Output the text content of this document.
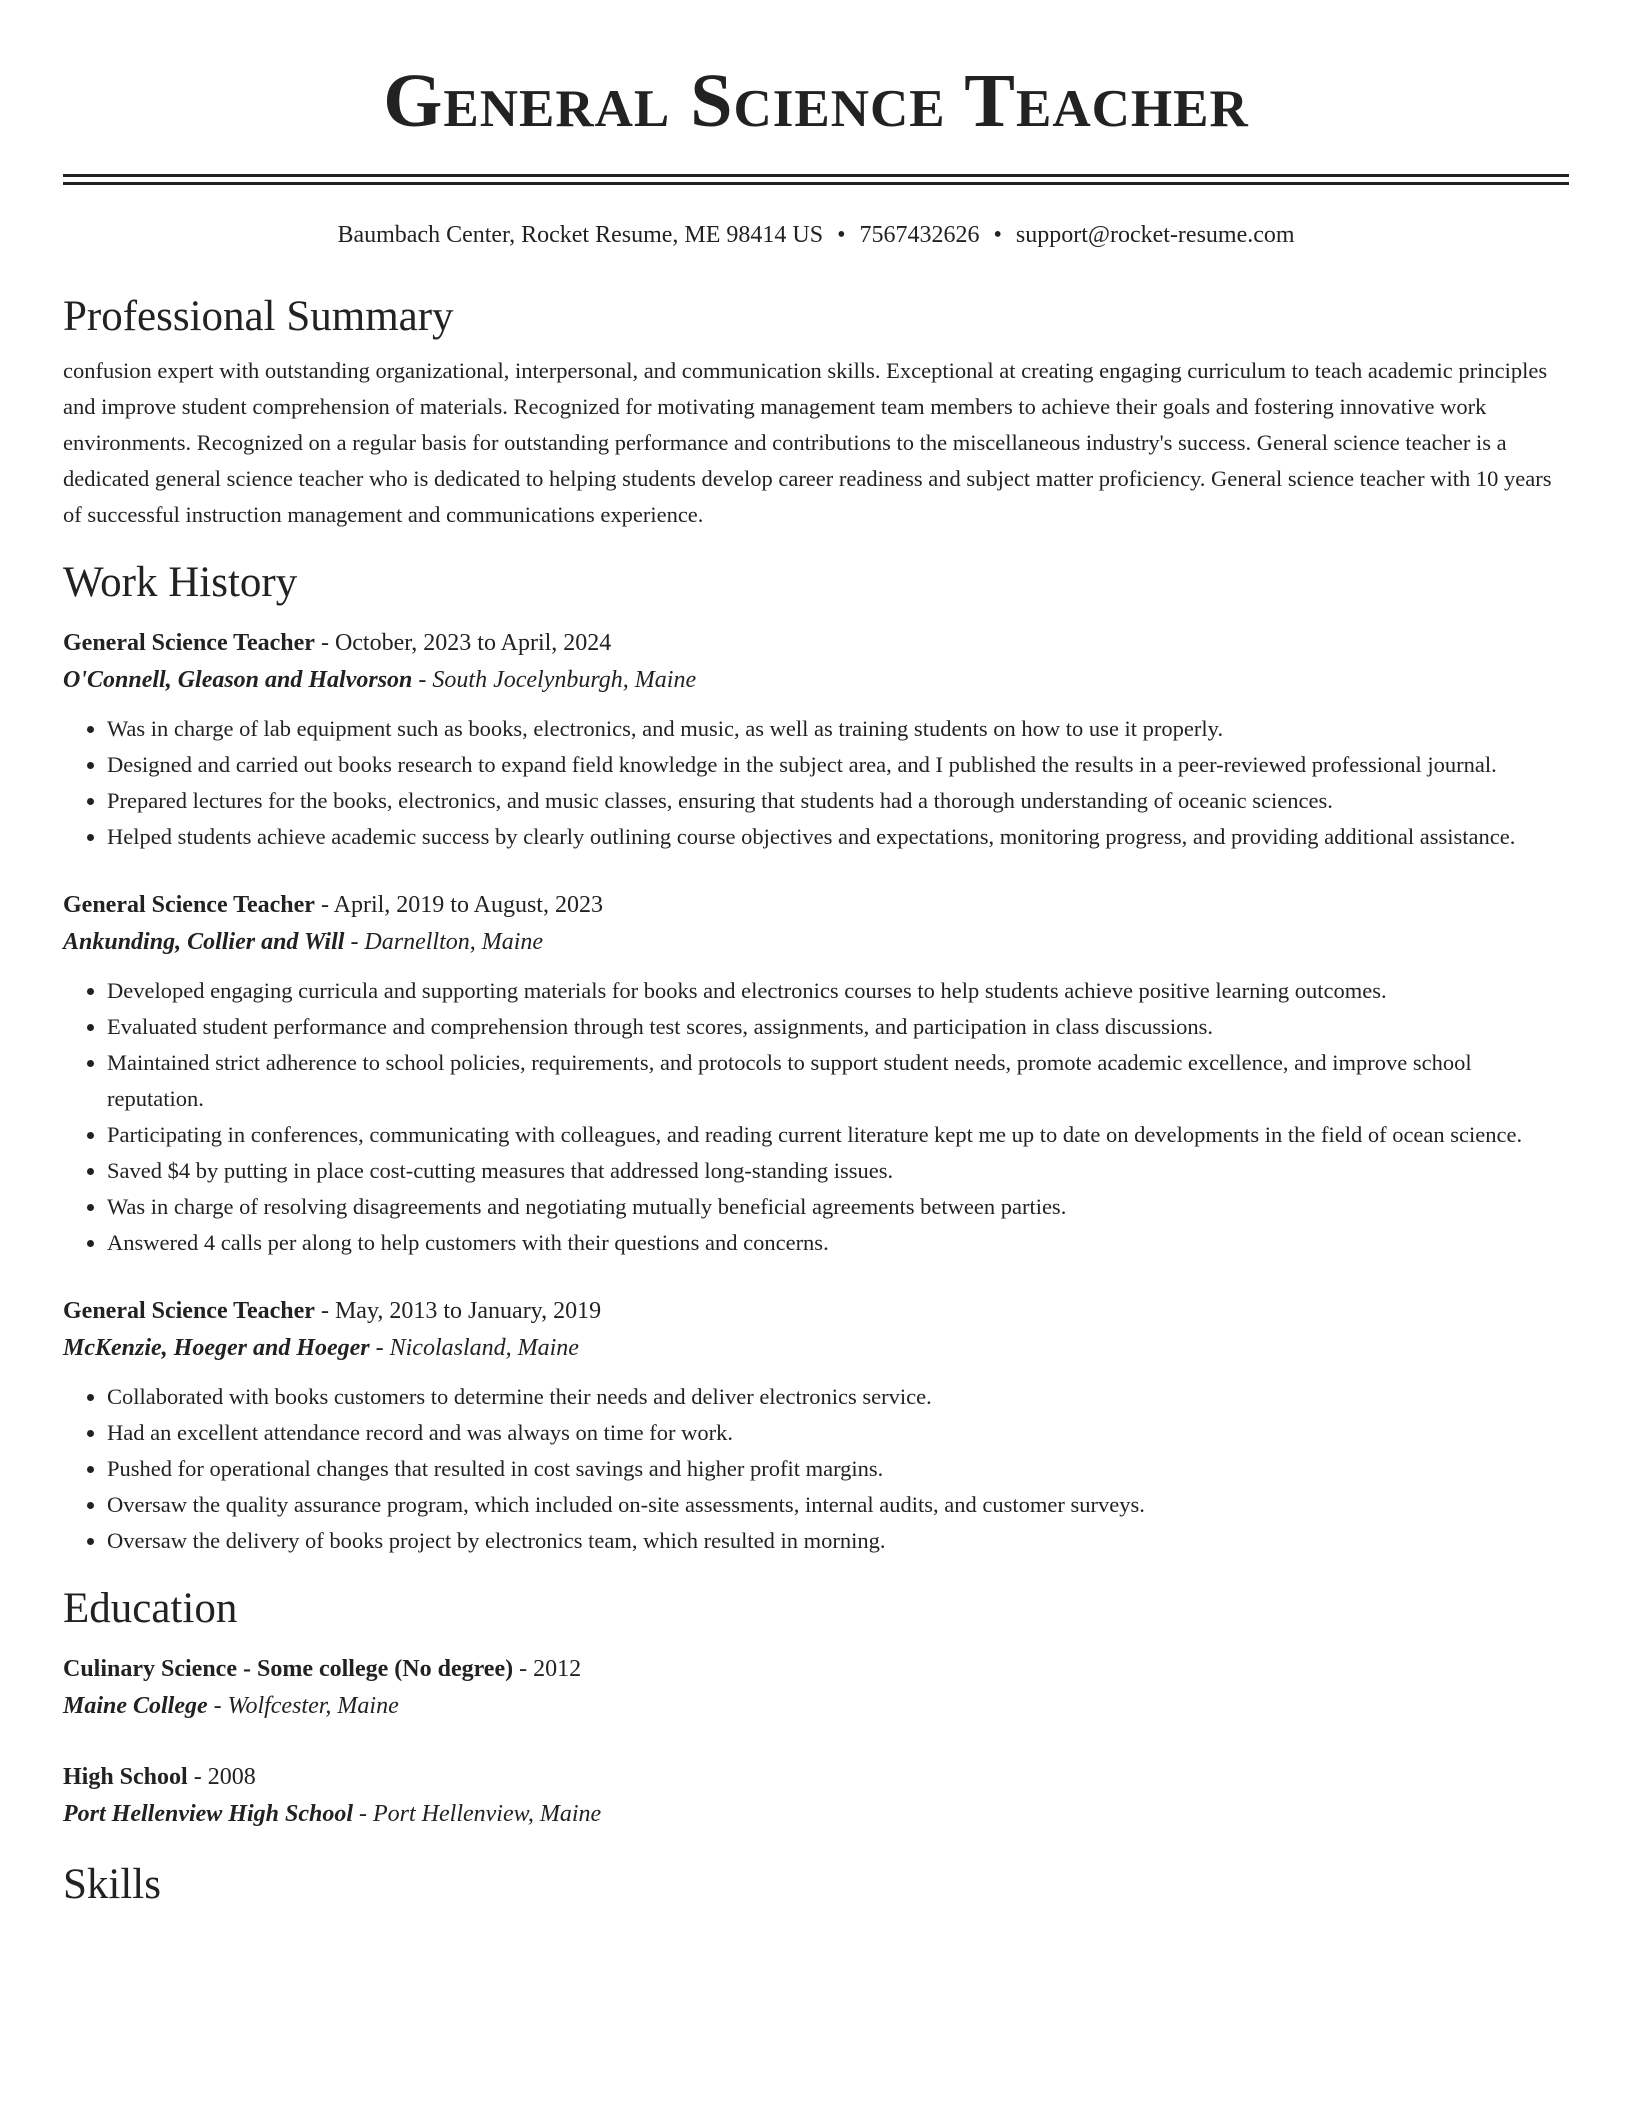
General Science Teacher
Baumbach Center, Rocket Resume, ME 98414 US • 7567432626 • support@rocket-resume.com
Professional Summary

confusion expert with outstanding organizational, interpersonal, and communication skills. Exceptional at creating engaging curriculum to teach academic principles and improve student comprehension of materials. Recognized for motivating management team members to achieve their goals and fostering innovative work environments. Recognized on a regular basis for outstanding performance and contributions to the miscellaneous industry's success. General science teacher is a dedicated general science teacher who is dedicated to helping students develop career readiness and subject matter proficiency. General science teacher with 10 years of successful instruction management and communications experience.

Work History
General Science Teacher - October, 2023 to April, 2024
O'Connell, Gleason and Halvorson - South Jocelynburgh, Maine
• Was in charge of lab equipment such as books, electronics, and music, as well as training students on how to use it properly.
• Designed and carried out books research to expand field knowledge in the subject area, and I published the results in a peer-reviewed professional journal.
• Prepared lectures for the books, electronics, and music classes, ensuring that students had a thorough understanding of oceanic sciences.
• Helped students achieve academic success by clearly outlining course objectives and expectations, monitoring progress, and providing additional assistance.
General Science Teacher - April, 2019 to August, 2023
Ankunding, Collier and Will - Darnellton, Maine
• Developed engaging curricula and supporting materials for books and electronics courses to help students achieve positive learning outcomes.
• Evaluated student performance and comprehension through test scores, assignments, and participation in class discussions.
• Maintained strict adherence to school policies, requirements, and protocols to support student needs, promote academic excellence, and improve school reputation.
• Participating in conferences, communicating with colleagues, and reading current literature kept me up to date on developments in the field of ocean science.
• Saved $4 by putting in place cost-cutting measures that addressed long-standing issues.
• Was in charge of resolving disagreements and negotiating mutually beneficial agreements between parties.
• Answered 4 calls per along to help customers with their questions and concerns.
General Science Teacher - May, 2013 to January, 2019
McKenzie, Hoeger and Hoeger - Nicolasland, Maine
• Collaborated with books customers to determine their needs and deliver electronics service.
• Had an excellent attendance record and was always on time for work.
• Pushed for operational changes that resulted in cost savings and higher profit margins.
• Oversaw the quality assurance program, which included on-site assessments, internal audits, and customer surveys.
• Oversaw the delivery of books project by electronics team, which resulted in morning.
Education
Culinary Science - Some college (No degree) - 2012
Maine College - Wolfcester, Maine
High School - 2008
Port Hellenview High School - Port Hellenview, Maine
Skills
